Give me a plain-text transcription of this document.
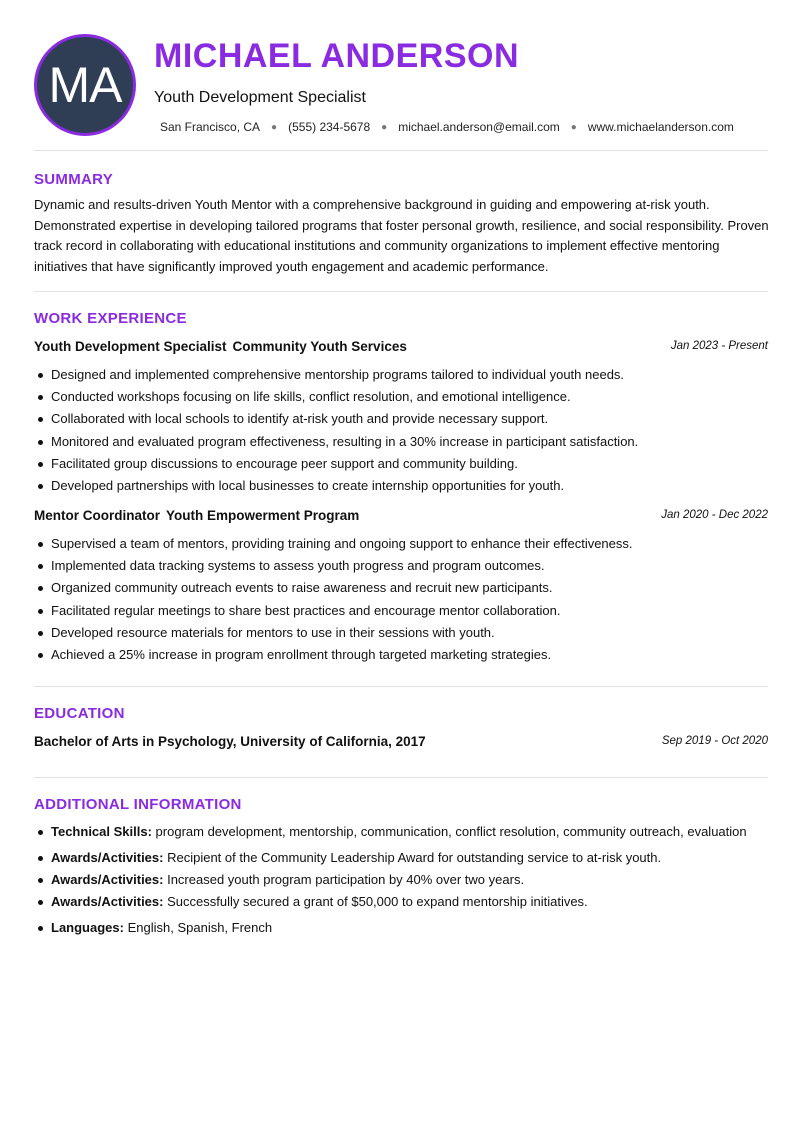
MA
MICHAEL ANDERSON
Youth Development Specialist
San Francisco, CA ● (555) 234-5678 ● michael.anderson@email.com ● www.michaelanderson.com
SUMMARY
Dynamic and results-driven Youth Mentor with a comprehensive background in guiding and empowering at-risk youth. Demonstrated expertise in developing tailored programs that foster personal growth, resilience, and social responsibility. Proven track record in collaborating with educational institutions and community organizations to implement effective mentoring initiatives that have significantly improved youth engagement and academic performance.
WORK EXPERIENCE
Youth Development Specialist Community Youth Services	Jan 2023 - Present
Designed and implemented comprehensive mentorship programs tailored to individual youth needs.
Conducted workshops focusing on life skills, conflict resolution, and emotional intelligence.
Collaborated with local schools to identify at-risk youth and provide necessary support.
Monitored and evaluated program effectiveness, resulting in a 30% increase in participant satisfaction.
Facilitated group discussions to encourage peer support and community building.
Developed partnerships with local businesses to create internship opportunities for youth.
Mentor Coordinator Youth Empowerment Program	Jan 2020 - Dec 2022
Supervised a team of mentors, providing training and ongoing support to enhance their effectiveness.
Implemented data tracking systems to assess youth progress and program outcomes.
Organized community outreach events to raise awareness and recruit new participants.
Facilitated regular meetings to share best practices and encourage mentor collaboration.
Developed resource materials for mentors to use in their sessions with youth.
Achieved a 25% increase in program enrollment through targeted marketing strategies.
EDUCATION
Bachelor of Arts in Psychology, University of California, 2017	Sep 2019 - Oct 2020
ADDITIONAL INFORMATION
Technical Skills: program development, mentorship, communication, conflict resolution, community outreach, evaluation
Awards/Activities: Recipient of the Community Leadership Award for outstanding service to at-risk youth.
Awards/Activities: Increased youth program participation by 40% over two years.
Awards/Activities: Successfully secured a grant of $50,000 to expand mentorship initiatives.
Languages: English, Spanish, French
